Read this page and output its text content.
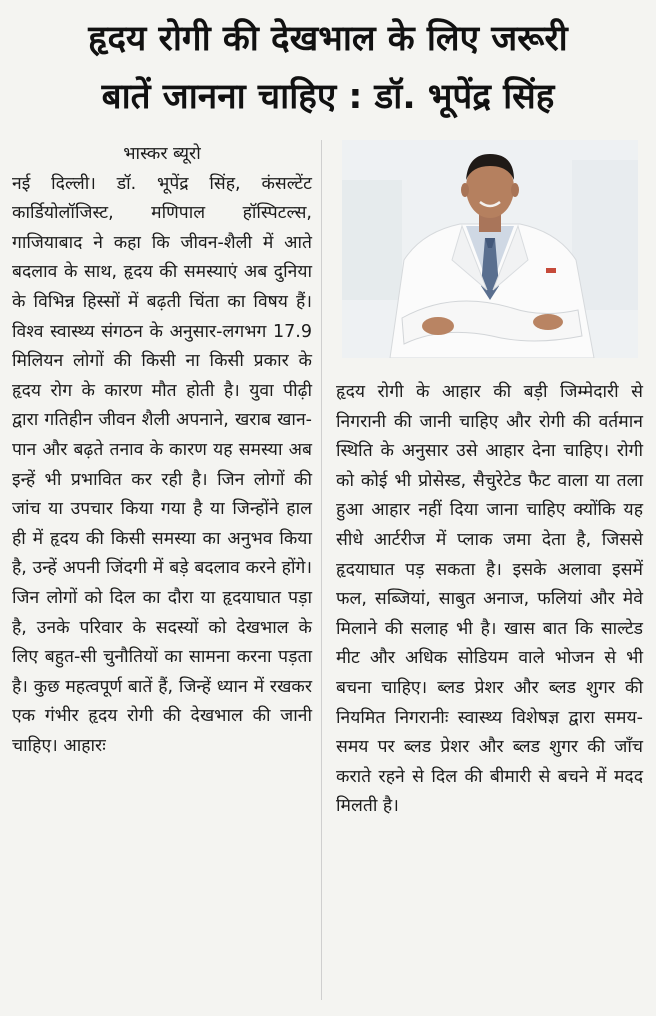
हृदय रोगी की देखभाल के लिए जरूरी
बातें जानना चाहिए : डॉ. भूपेंद्र सिंह
भास्कर ब्यूरो
नई दिल्ली। डॉ. भूपेंद्र सिंह, कंसल्टेंट कार्डियोलॉजिस्ट, मणिपाल हॉस्पिटल्स, गाजियाबाद ने कहा कि जीवन-शैली में आते बदलाव के साथ, हृदय की समस्याएं अब दुनिया के विभिन्न हिस्सों में बढ़ती चिंता का विषय हैं। विश्व स्वास्थ्य संगठन के अनुसार-लगभग 17.9 मिलियन लोगों की किसी ना किसी प्रकार के हृदय रोग के कारण मौत होती है। युवा पीढ़ी द्वारा गतिहीन जीवन शैली अपनाने, खराब खान-पान और बढ़ते तनाव के कारण यह समस्या अब इन्हें भी प्रभावित कर रही है। जिन लोगों की जांच या उपचार किया गया है या जिन्होंने हाल ही में हृदय की किसी समस्या का अनुभव किया है, उन्हें अपनी जिंदगी में बड़े बदलाव करने होंगे। जिन लोगों को दिल का दौरा या हृदयाघात पड़ा है, उनके परिवार के सदस्यों को देखभाल के लिए बहुत-सी चुनौतियों का सामना करना पड़ता है। कुछ महत्वपूर्ण बातें हैं, जिन्हें ध्यान में रखकर एक गंभीर हृदय रोगी की देखभाल की जानी चाहिए। आहारः
हृदय रोगी के आहार की बड़ी जिम्मेदारी से निगरानी की जानी चाहिए और रोगी की वर्तमान स्थिति के अनुसार उसे आहार देना चाहिए। रोगी को कोई भी प्रोसेस्ड, सैचुरेटेड फैट वाला या तला हुआ आहार नहीं दिया जाना चाहिए क्योंकि यह सीधे आर्टरीज में प्लाक जमा देता है, जिससे हृदयाघात पड़ सकता है। इसके अलावा इसमें फल, सब्जियां, साबुत अनाज, फलियां और मेवे मिलाने की सलाह भी है। खास बात कि साल्टेड मीट और अधिक सोडियम वाले भोजन से भी बचना चाहिए। ब्लड प्रेशर और ब्लड शुगर की नियमित निगरानीः स्वास्थ्य विशेषज्ञ द्वारा समय-समय पर ब्लड प्रेशर और ब्लड शुगर की जाँच कराते रहने से दिल की बीमारी से बचने में मदद मिलती है।
